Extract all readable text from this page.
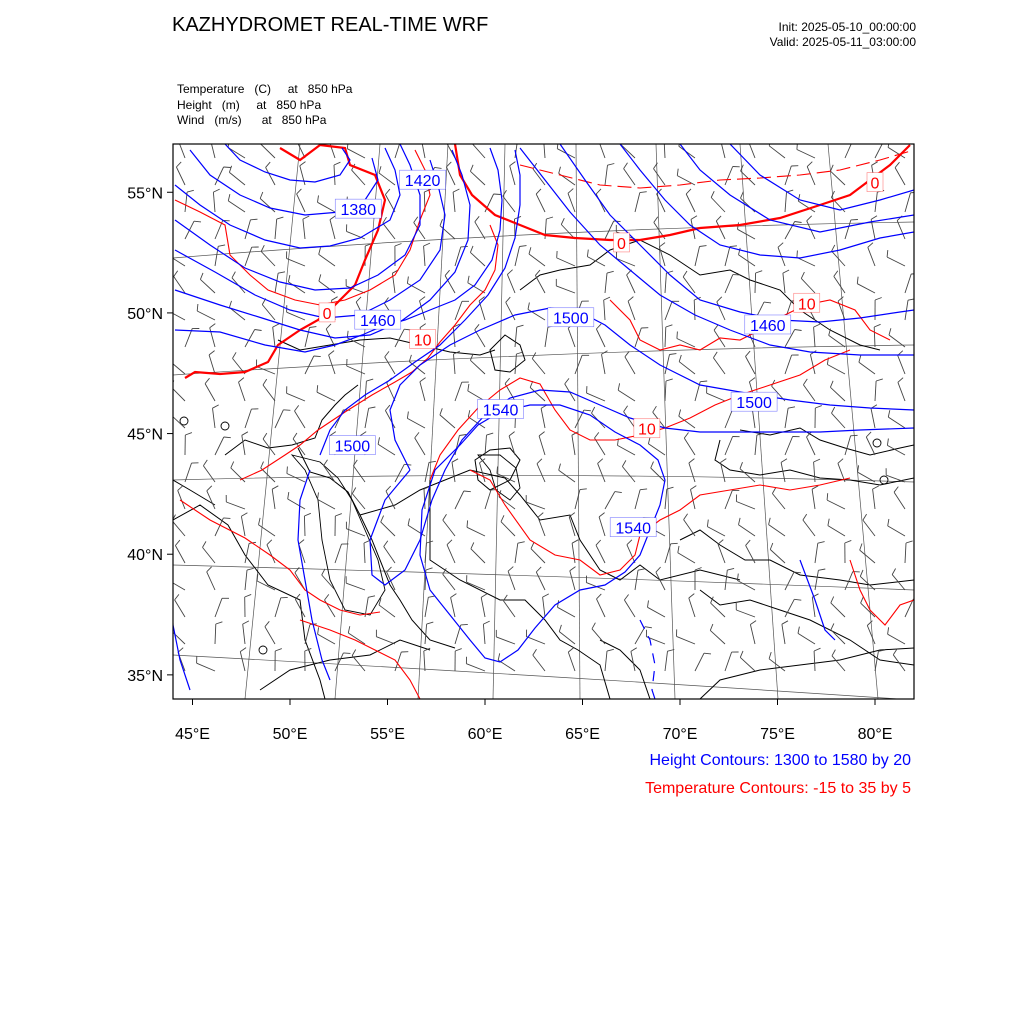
KAZHYDROMET REAL-TIME WRF	Init: 2025-05-10_00:00:00
Valid: 2025-05-11_03:00:00
Temperature (C) at 850 hPa
Height (m) at 850 hPa
Wind (m/s) at 850 hPa
1420
1380
1460	1500	1460
1540	1500
1500
1540
0
0
0
10
10
10
55°N
50°N
45°N
40°N
35°N
45°E	50°E	55°E	60°E	65°E	70°E	75°E	80°E
Height Contours: 1300 to 1580 by 20
Temperature Contours: -15 to 35 by 5
